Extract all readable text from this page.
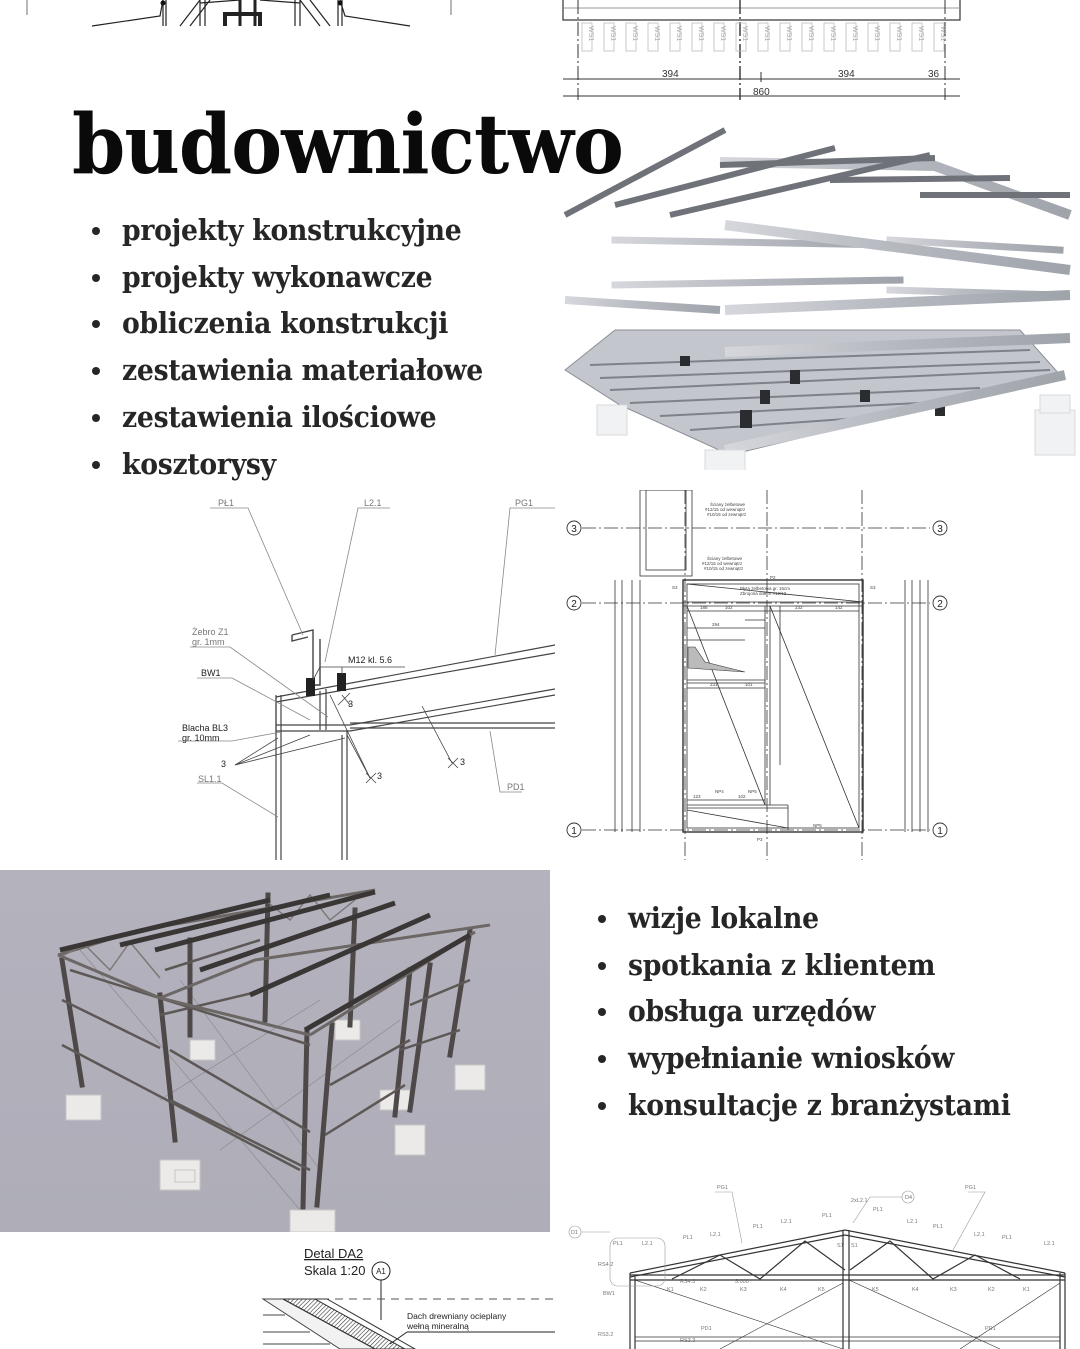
WS1 WS1 WS1 WS1 WS1 WS1 WS1 WS1 WS1 WS1 WS1 WS1 WS1 WS1 WS1 WS1 WS1
394	394	36
860
budownictwo
projekty konstrukcyjne
projekty wykonawcze
obliczenia konstrukcji
zestawienia materiałowe
zestawienia ilościowe
kosztorysy
PŁ1	L2.1	PG1
Żebro Z1
gr. 1mm
SL1.1
PD1
M12 kl. 5.6
BW1
Blacha BL3
gr. 10mm
3
3
3
3
3	3
2	2
1	1
Ściany żelbetowe
#12/15 od wewnątrz
#10/15 od zewnątrz
Ściany żelbetowe
#12/15 od wewnątrz
#10/15 od zewnątrz
Płyta żelbetowa gr. 15cm
Zbrojona dołem #12/12
S3	S3
P2
P3
188	102	232	142
294
231	101
123	102
NP5
NP4
NP5
wizje lokalne
spotkania z klientem
obsługa urzędów
wypełnianie wniosków
konsultacje z branżystami
Detal DA2
Skala 1:20 A1
Dach drewniany ocieplany
wełną mineralną
PG1	PG1
2xL2.1	D4
D1
PL1
PL1
PL1
PL1
PL1
PL1
PL1
L2.1
L2.1
L2.1	L2.1
L2.1
L2.1
RS4.2
RS4.3
BW1
RS3.2
RS3.3
K1	K2	K3	K4	K5	K5	K4	K3	K2	K1
PD1	PD1
S1 S1
5.000
